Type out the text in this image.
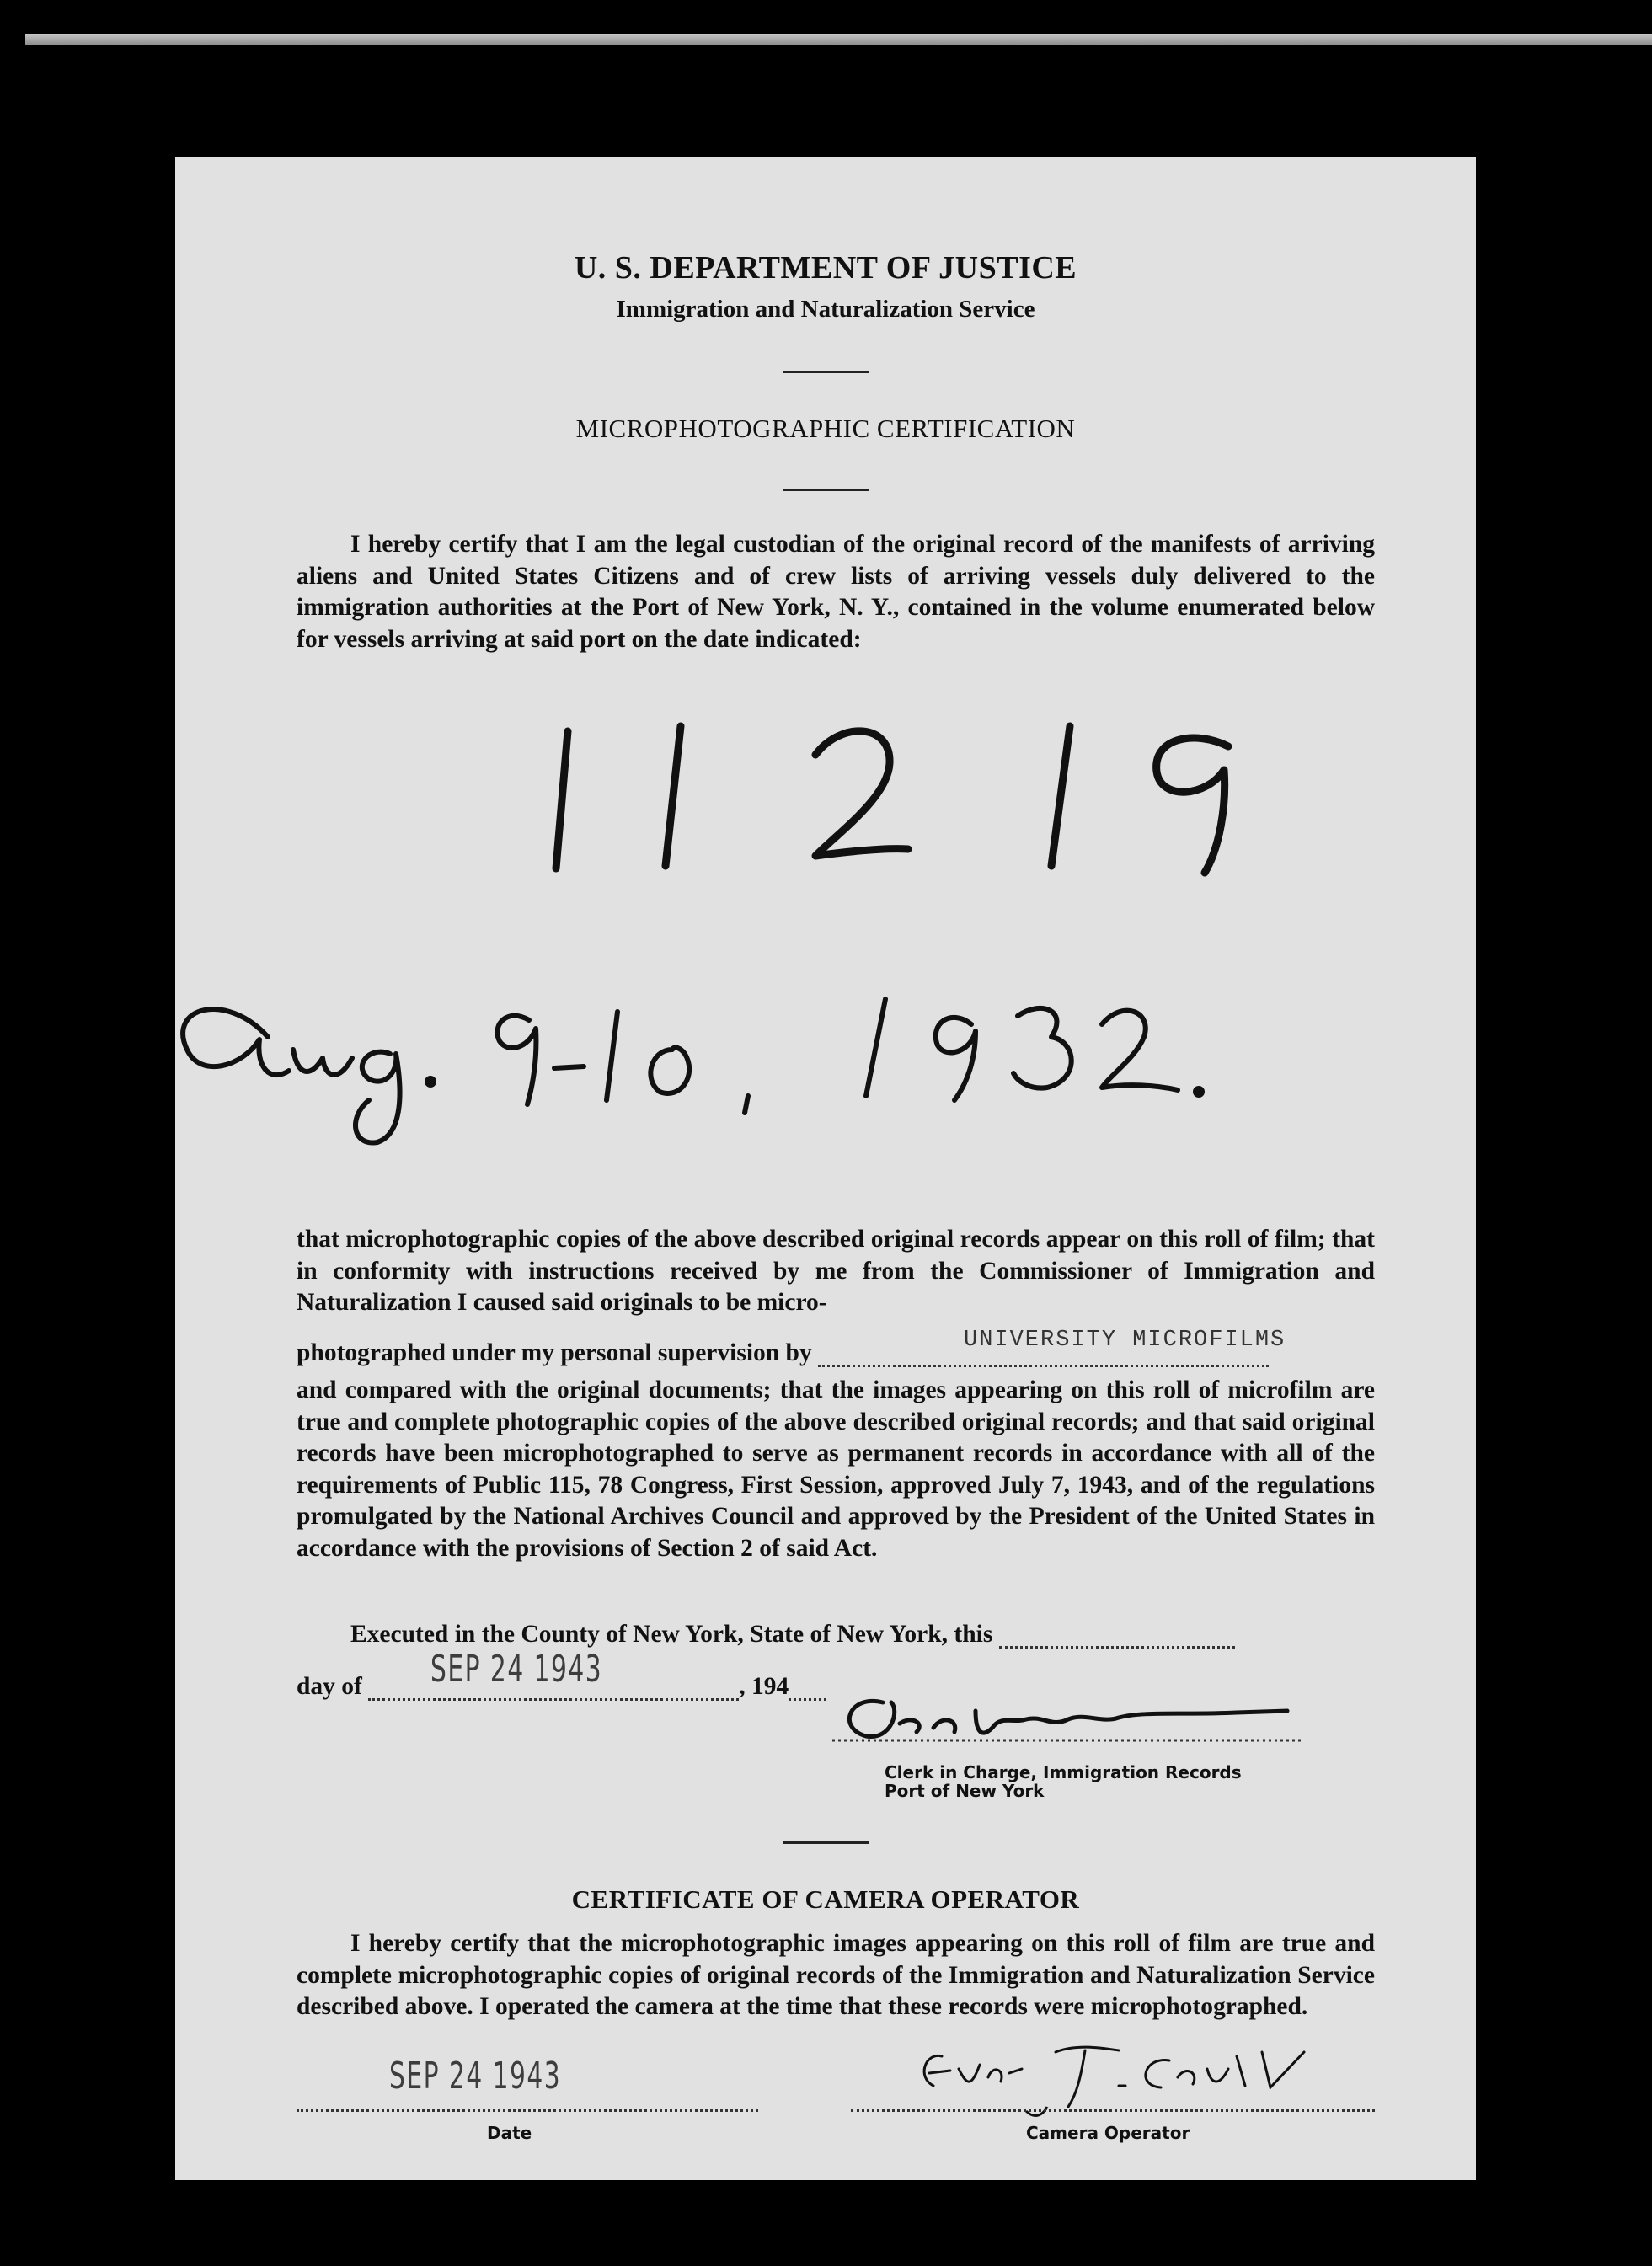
U. S. DEPARTMENT OF JUSTICE
Immigration and Naturalization Service
MICROPHOTOGRAPHIC CERTIFICATION
I hereby certify that I am the legal custodian of the original record of the manifests of arriving aliens and United States Citizens and of crew lists of arriving vessels duly delivered to the immigration authorities at the Port of New York, N. Y., contained in the volume enumerated below for vessels arriving at said port on the date indicated:
that microphotographic copies of the above described original records appear on this roll of film; that in conformity with instructions received by me from the Commissioner of Immigration and Naturalization I caused said originals to be micro-
photographed under my personal supervision by	UNIVERSITY MICROFILMS
and compared with the original documents; that the images appearing on this roll of microfilm are true and complete photographic copies of the above described original records; and that said original records have been microphotographed to serve as permanent records in accordance with all of the requirements of Public 115, 78 Congress, First Session, approved July 7, 1943, and of the regulations promulgated by the National Archives Council and approved by the President of the United States in accordance with the provisions of Section 2 of said Act.
Executed in the County of New York, State of New York, this
day of	, 194
SEP 24 1943
Clerk in Charge, Immigration Records
Port of New York
CERTIFICATE OF CAMERA OPERATOR
I hereby certify that the microphotographic images appearing on this roll of film are true and complete microphotographic copies of original records of the Immigration and Naturalization Service described above. I operated the camera at the time that these records were microphotographed.
SEP 24 1943
Date	Camera Operator
